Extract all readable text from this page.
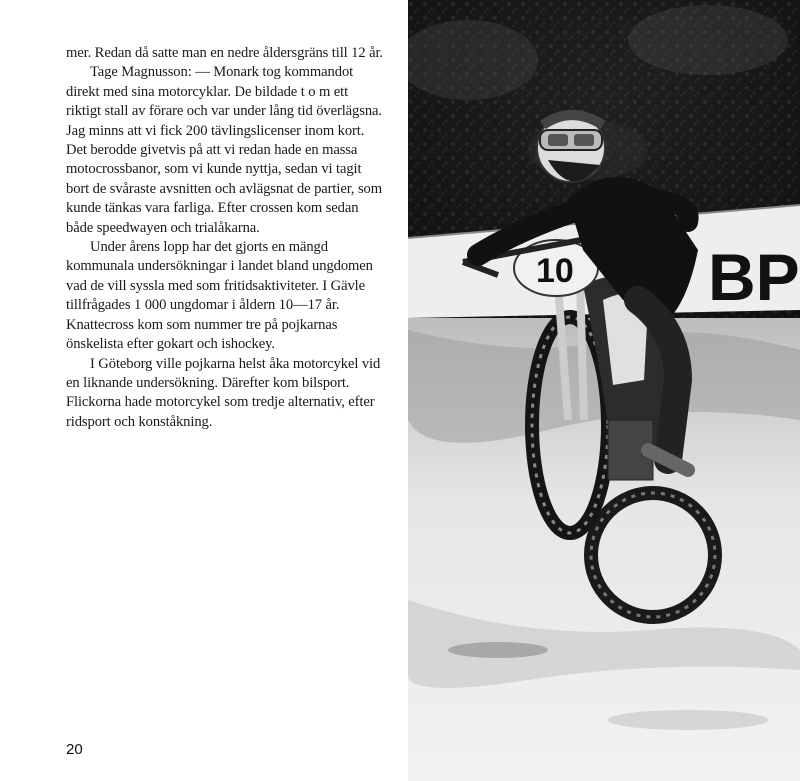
mer. Redan då satte man en nedre åldersgräns till 12 år.

Tage Magnusson: — Monark tog kommandot direkt med sina motorcyklar. De bildade t o m ett riktigt stall av förare och var under lång tid överlägsna. Jag minns att vi fick 200 tävlingslicenser inom kort. Det berodde givetvis på att vi redan hade en massa motocrossbanor, som vi kunde nyttja, sedan vi tagit bort de svåraste avsnitten och avlägsnat de partier, som kunde tänkas vara farliga. Efter crossen kom sedan både speedwayen och trialåkarna.

Under årens lopp har det gjorts en mängd kommunala undersökningar i landet bland ungdomen vad de vill syssla med som fritidsaktiviteter. I Gävle tillfrågades 1 000 ungdomar i åldern 10—17 år. Knattecross kom som nummer tre på pojkarnas önskelista efter gokart och ishockey.

I Göteborg ville pojkarna helst åka motorcykel vid en liknande undersökning. Därefter kom bilsport. Flickorna hade motorcykel som tredje alternativ, efter ridsport och konståkning.

20
BP
10
